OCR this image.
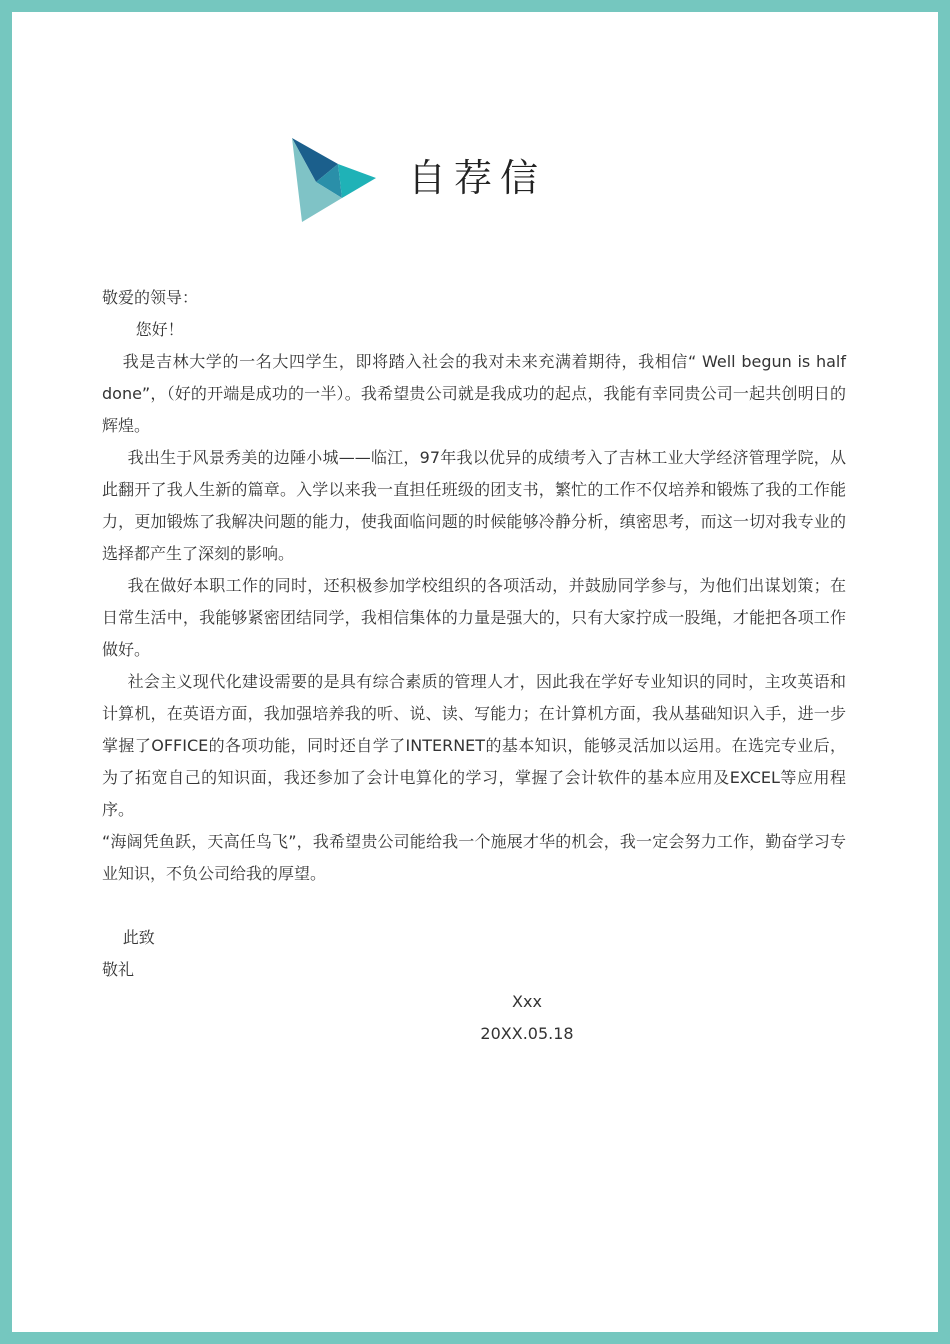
自荐信

敬爱的领导：

您好！

我是吉林大学的一名大四学生，即将踏入社会的我对未来充满着期待，我相信“ Well begun is half done”，（好的开端是成功的一半）。我希望贵公司就是我成功的起点，我能有幸同贵公司一起共创明日的辉煌。

我出生于风景秀美的边陲小城——临江，97年我以优异的成绩考入了吉林工业大学经济管理学院，从此翻开了我人生新的篇章。入学以来我一直担任班级的团支书，繁忙的工作不仅培养和锻炼了我的工作能力，更加锻炼了我解决问题的能力，使我面临问题的时候能够冷静分析，缜密思考，而这一切对我专业的选择都产生了深刻的影响。

我在做好本职工作的同时，还积极参加学校组织的各项活动，并鼓励同学参与，为他们出谋划策；在日常生活中，我能够紧密团结同学，我相信集体的力量是强大的，只有大家拧成一股绳，才能把各项工作做好。

社会主义现代化建设需要的是具有综合素质的管理人才，因此我在学好专业知识的同时，主攻英语和计算机，在英语方面，我加强培养我的听、说、读、写能力；在计算机方面，我从基础知识入手，进一步掌握了OFFICE的各项功能，同时还自学了INTERNET的基本知识，能够灵活加以运用。在选完专业后，为了拓宽自己的知识面，我还参加了会计电算化的学习，掌握了会计软件的基本应用及EXCEL等应用程序。

“海阔凭鱼跃，天高任鸟飞”，我希望贵公司能给我一个施展才华的机会，我一定会努力工作，勤奋学习专业知识，不负公司给我的厚望。

此致

敬礼

Xxx

20XX.05.18
